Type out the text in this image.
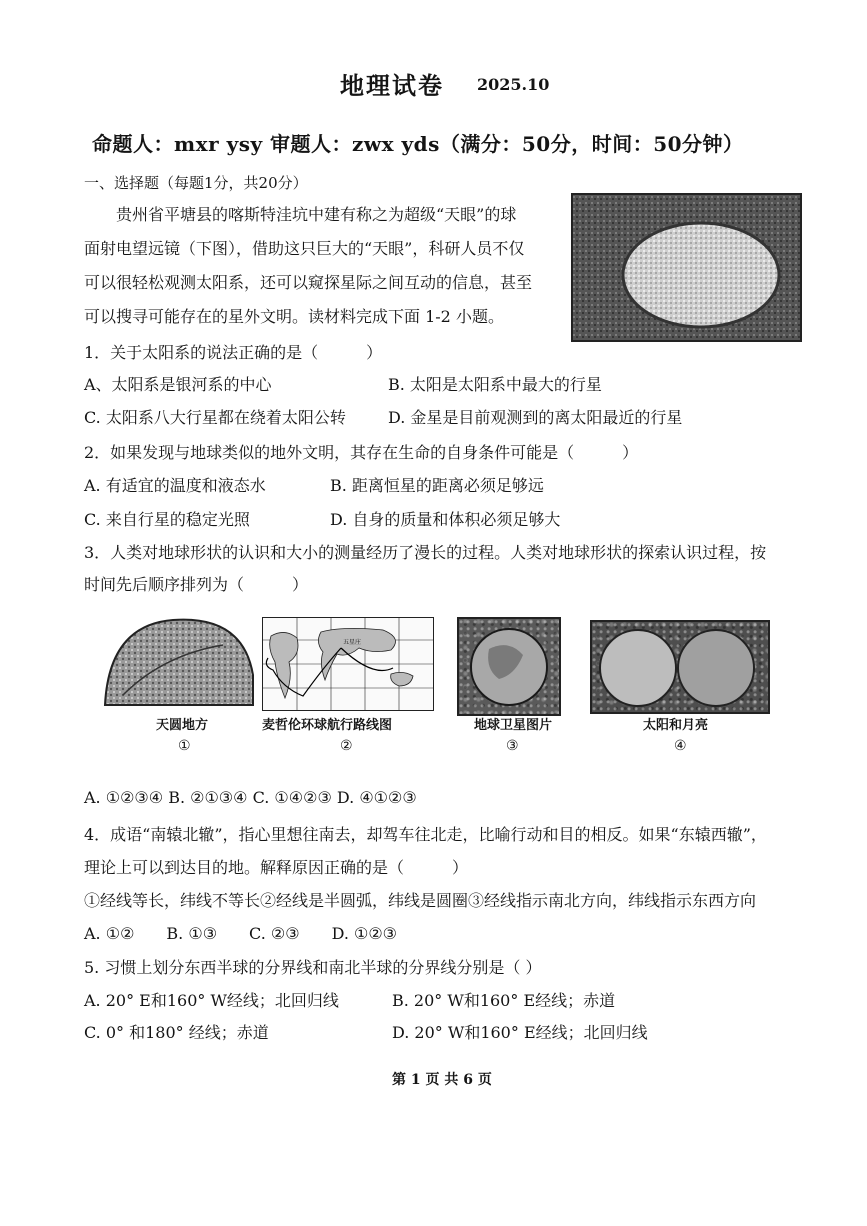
地理试卷 2025.10
命题人：mxr ysy 审题人：zwx yds（满分：50分，时间：50分钟）
一、选择题（每题1分，共20分）

贵州省平塘县的喀斯特洼坑中建有称之为超级“天眼”的球

面射电望远镜（下图），借助这只巨大的“天眼”，科研人员不仅

可以很轻松观测太阳系，还可以窥探星际之间互动的信息，甚至

可以搜寻可能存在的星外文明。读材料完成下面 1-2 小题。

1．关于太阳系的说法正确的是（　　　）
A、太阳系是银河系的中心	B. 太阳是太阳系中最大的行星
C. 太阳系八大行星都在绕着太阳公转	D. 金星是目前观测到的离太阳最近的行星
2．如果发现与地球类似的地外文明，其存在生命的自身条件可能是（　　　）
A. 有适宜的温度和液态水	B. 距离恒星的距离必须足够远
C. 来自行星的稳定光照	D. 自身的质量和体积必须足够大
3．人类对地球形状的认识和大小的测量经历了漫长的过程。人类对地球形状的探索认识过程，按
时间先后顺序排列为（　　　）
天圆地方
①
五星庄
麦哲伦环球航行路线图
②
地球卫星图片
③
太阳和月亮
④
A. ①②③④ B. ②①③④ C. ①④②③ D. ④①②③
4．成语“南辕北辙”，指心里想往南去，却驾车往北走，比喻行动和目的相反。如果“东辕西辙”，
理论上可以到达目的地。解释原因正确的是（　　　）
①经线等长，纬线不等长②经线是半圆弧，纬线是圆圈③经线指示南北方向，纬线指示东西方向
A. ①②　　B. ①③　　C. ②③　　D. ①②③
5. 习惯上划分东西半球的分界线和南北半球的分界线分别是（ ）
A. 20° E和160° W经线；北回归线	B. 20° W和160° E经线；赤道
C. 0° 和180° 经线；赤道	D. 20° W和160° E经线；北回归线
第 1 页 共 6 页
